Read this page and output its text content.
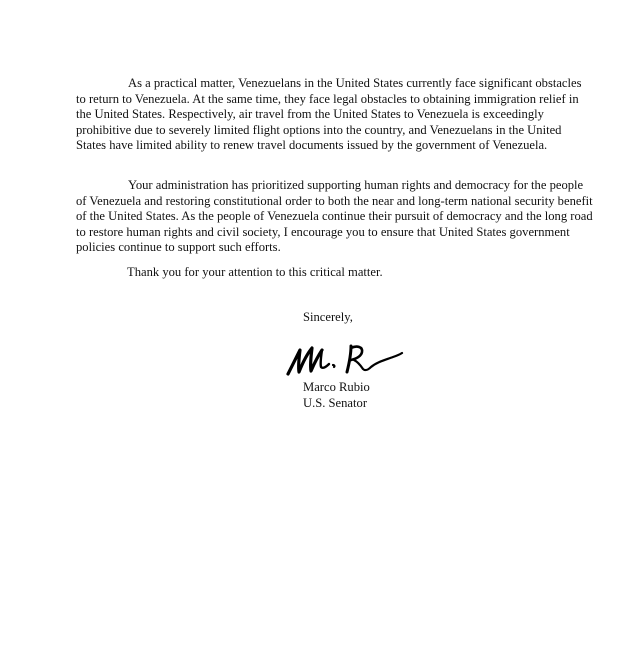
As a practical matter, Venezuelans in the United States currently face significant obstacles to return to Venezuela. At the same time, they face legal obstacles to obtaining immigration relief in the United States. Respectively, air travel from the United States to Venezuela is exceedingly prohibitive due to severely limited flight options into the country, and Venezuelans in the United States have limited ability to renew travel documents issued by the government of Venezuela.

Your administration has prioritized supporting human rights and democracy for the people of Venezuela and restoring constitutional order to both the near and long-term national security benefit of the United States. As the people of Venezuela continue their pursuit of democracy and the long road to restore human rights and civil society, I encourage you to ensure that United States government policies continue to support such efforts.

Thank you for your attention to this critical matter.

Sincerely,

Marco Rubio

U.S. Senator
